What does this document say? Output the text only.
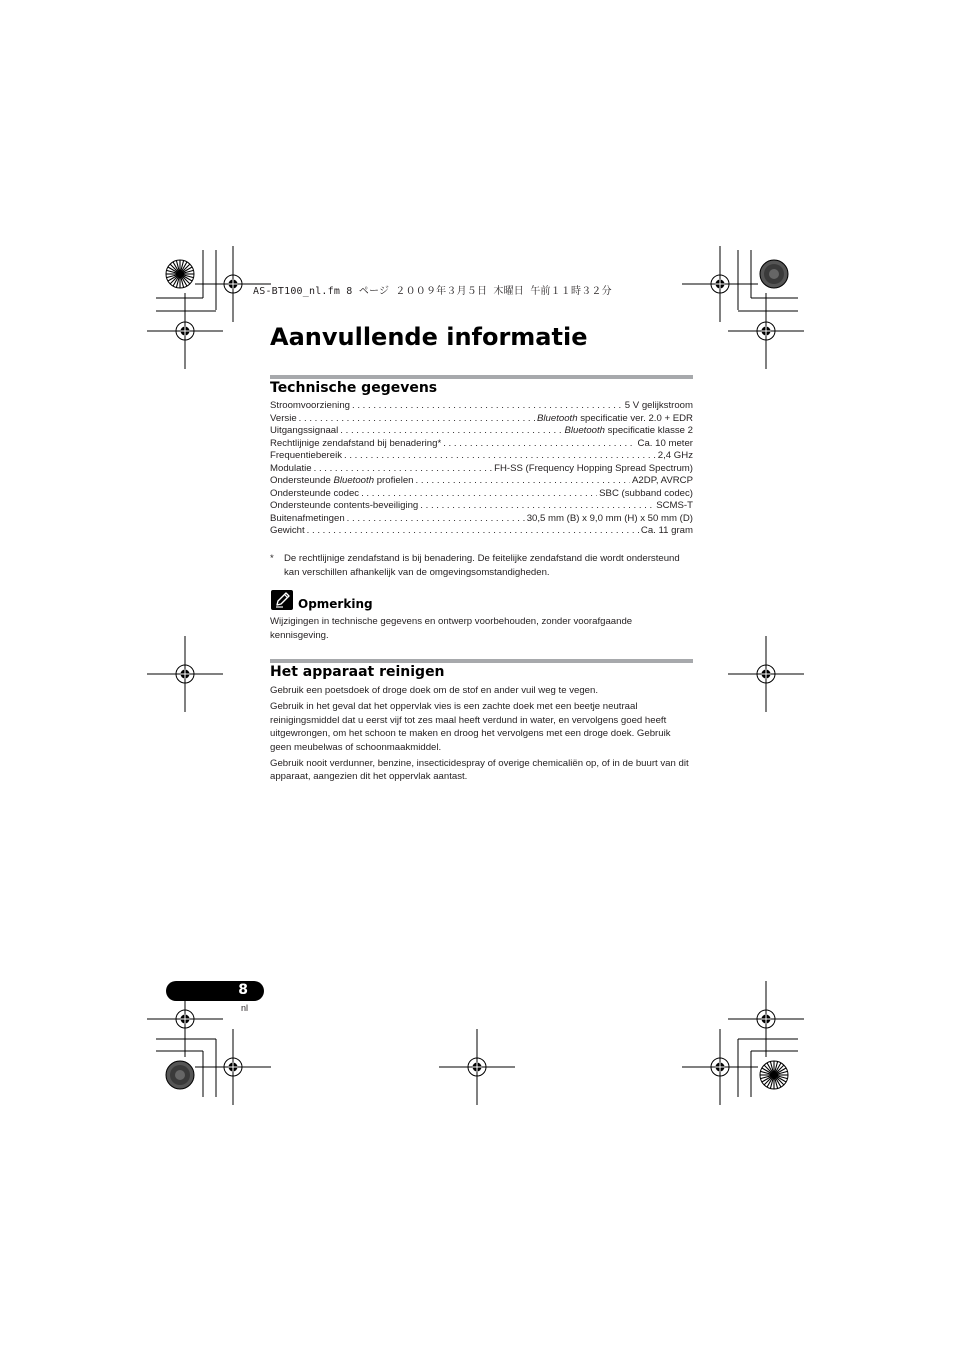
AS-BT100_nl.fm 8 ページ ２００９年３月５日 木曜日 午前１１時３２分
Aanvullende informatie
Technische gegevens
Stroomvoorziening . . .	5 V gelijkstroom
Versie . . .	Bluetooth specificatie ver. 2.0 + EDR
Uitgangssignaal . . .	Bluetooth specificatie klasse 2
Rechtlijnige zendafstand bij benadering* . . .	Ca. 10 meter
Frequentiebereik . . .	2,4 GHz
Modulatie . . .	FH-SS (Frequency Hopping Spread Spectrum)
Ondersteunde Bluetooth profielen . . .	A2DP, AVRCP
Ondersteunde codec . . .	SBC (subband codec)
Ondersteunde contents-beveiliging . . .	SCMS-T
Buitenafmetingen . . .	30,5 mm (B) x 9,0 mm (H) x 50 mm (D)
Gewicht . . .	Ca. 11 gram
* De rechtlijnige zendafstand is bij benadering. De feitelijke zendafstand die wordt ondersteund kan verschillen afhankelijk van de omgevingsomstandigheden.
Opmerking

Wijzigingen in technische gegevens en ontwerp voorbehouden, zonder voorafgaande kennisgeving.

Het apparaat reinigen

Gebruik een poetsdoek of droge doek om de stof en ander vuil weg te vegen.

Gebruik in het geval dat het oppervlak vies is een zachte doek met een beetje neutraal reinigingsmiddel dat u eerst vijf tot zes maal heeft verdund in water, en vervolgens goed heeft uitgewrongen, om het schoon te maken en droog het vervolgens met een droge doek. Gebruik geen meubelwas of schoonmaakmiddel.

Gebruik nooit verdunner, benzine, insecticidespray of overige chemicaliën op, of in de buurt van dit apparaat, aangezien dit het oppervlak aantast.

8
nl
